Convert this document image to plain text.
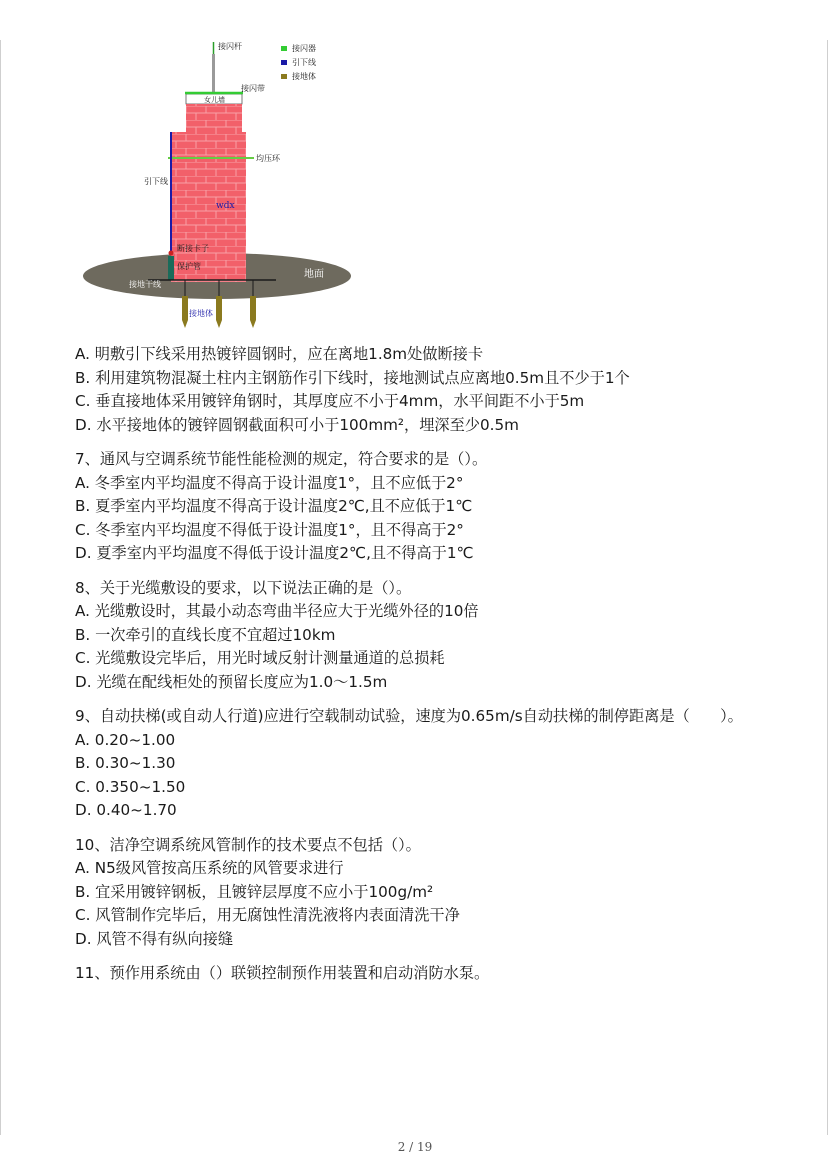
接闪杆	接闪器
引下线
接地体
接闪带
女儿墙
均压环
引下线
wdx
断接卡子
保护管
地面
接地干线
接地体

A. 明敷引下线采用热镀锌圆钢时，应在离地1.8m处做断接卡

B. 利用建筑物混凝土柱内主钢筋作引下线时，接地测试点应离地0.5m且不少于1个

C. 垂直接地体采用镀锌角钢时，其厚度应不小于4mm，水平间距不小于5m

D. 水平接地体的镀锌圆钢截面积可小于100mm²，埋深至少0.5m

7、通风与空调系统节能性能检测的规定，符合要求的是（）。

A. 冬季室内平均温度不得高于设计温度1°，且不应低于2°

B. 夏季室内平均温度不得高于设计温度2℃,且不应低于1℃

C. 冬季室内平均温度不得低于设计温度1°，且不得高于2°

D. 夏季室内平均温度不得低于设计温度2℃,且不得高于1℃

8、关于光缆敷设的要求，以下说法正确的是（）。

A. 光缆敷设时，其最小动态弯曲半径应大于光缆外径的10倍

B. 一次牵引的直线长度不宜超过10km

C. 光缆敷设完毕后，用光时域反射计测量通道的总损耗

D. 光缆在配线柜处的预留长度应为1.0～1.5m

9、自动扶梯(或自动人行道)应进行空载制动试验，速度为0.65m/s自动扶梯的制停距离是（　　）。

A. 0.20~1.00

B. 0.30~1.30

C. 0.350~1.50

D. 0.40~1.70

10、洁净空调系统风管制作的技术要点不包括（）。

A. N5级风管按高压系统的风管要求进行

B. 宜采用镀锌钢板，且镀锌层厚度不应小于100g/m²

C. 风管制作完毕后，用无腐蚀性清洗液将内表面清洗干净

D. 风管不得有纵向接缝

11、预作用系统由（）联锁控制预作用装置和启动消防水泵。

2 / 19
